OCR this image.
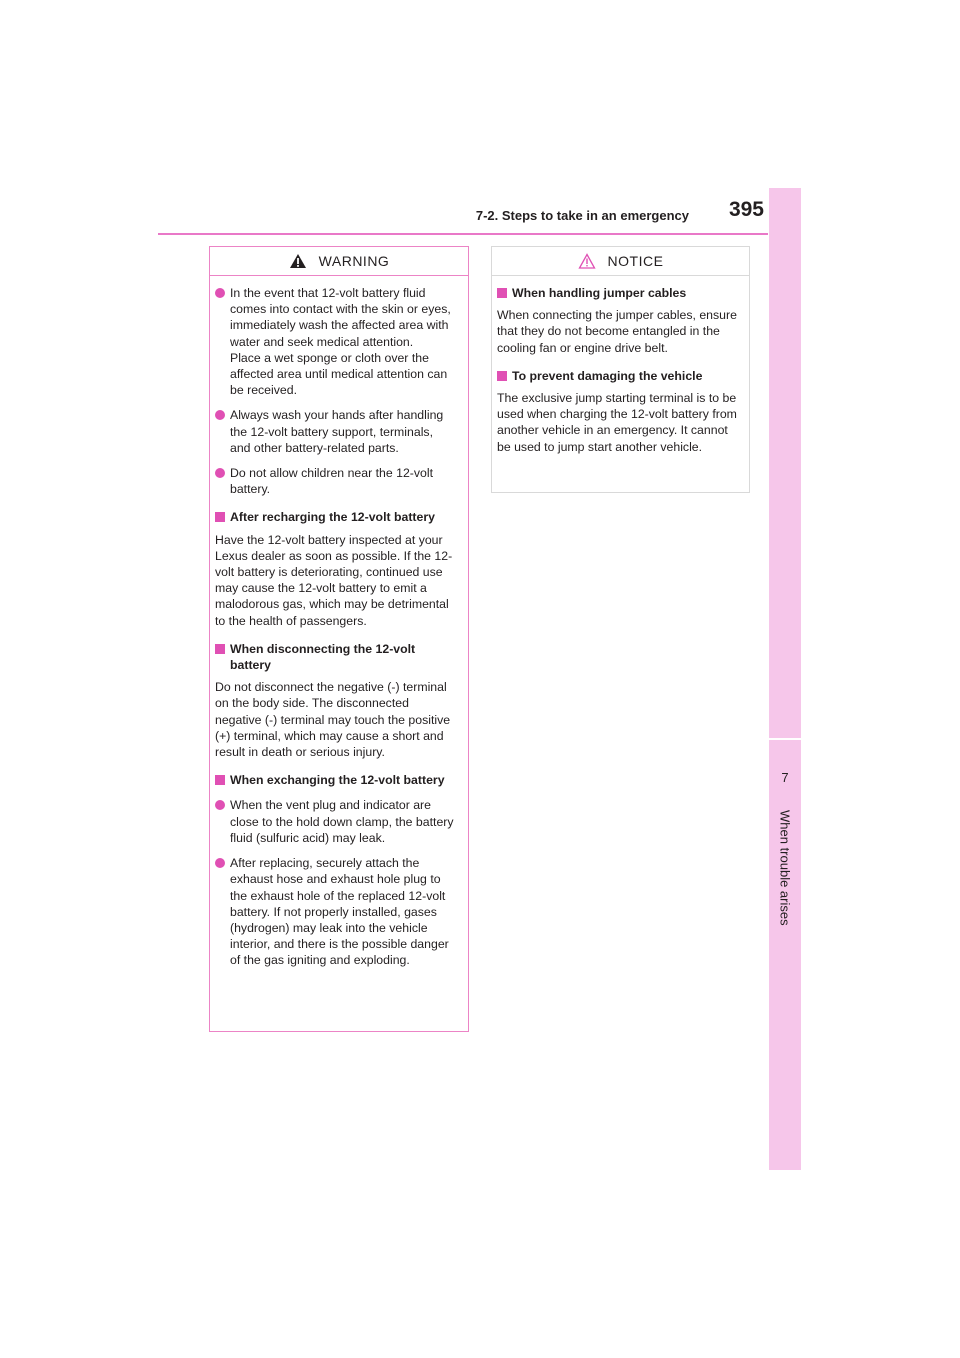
7
When trouble arises
7-2. Steps to take in an emergency	395
WARNING

In the event that 12-volt battery fluid comes into contact with the skin or eyes, immediately wash the affected area with water and seek medical attention.

Place a wet sponge or cloth over the affected area until medical attention can be received.

Always wash your hands after handling the 12-volt battery support, terminals, and other battery-related parts.

Do not allow children near the 12-volt battery.

After recharging the 12-volt battery
Have the 12-volt battery inspected at your Lexus dealer as soon as possible. If the 12-volt battery is deteriorating, continued use may cause the 12-volt battery to emit a malodorous gas, which may be detrimental to the health of passengers.
When disconnecting the 12-volt battery
Do not disconnect the negative (-) terminal on the body side. The disconnected negative (-) terminal may touch the positive (+) terminal, which may cause a short and result in death or serious injury.
When exchanging the 12-volt battery

When the vent plug and indicator are close to the hold down clamp, the battery fluid (sulfuric acid) may leak.

After replacing, securely attach the exhaust hose and exhaust hole plug to the exhaust hole of the replaced 12-volt battery. If not properly installed, gases (hydrogen) may leak into the vehicle interior, and there is the possible danger of the gas igniting and exploding.

NOTICE
When handling jumper cables
When connecting the jumper cables, ensure that they do not become entangled in the cooling fan or engine drive belt.
To prevent damaging the vehicle
The exclusive jump starting terminal is to be used when charging the 12-volt battery from another vehicle in an emergency. It cannot be used to jump start another vehicle.
